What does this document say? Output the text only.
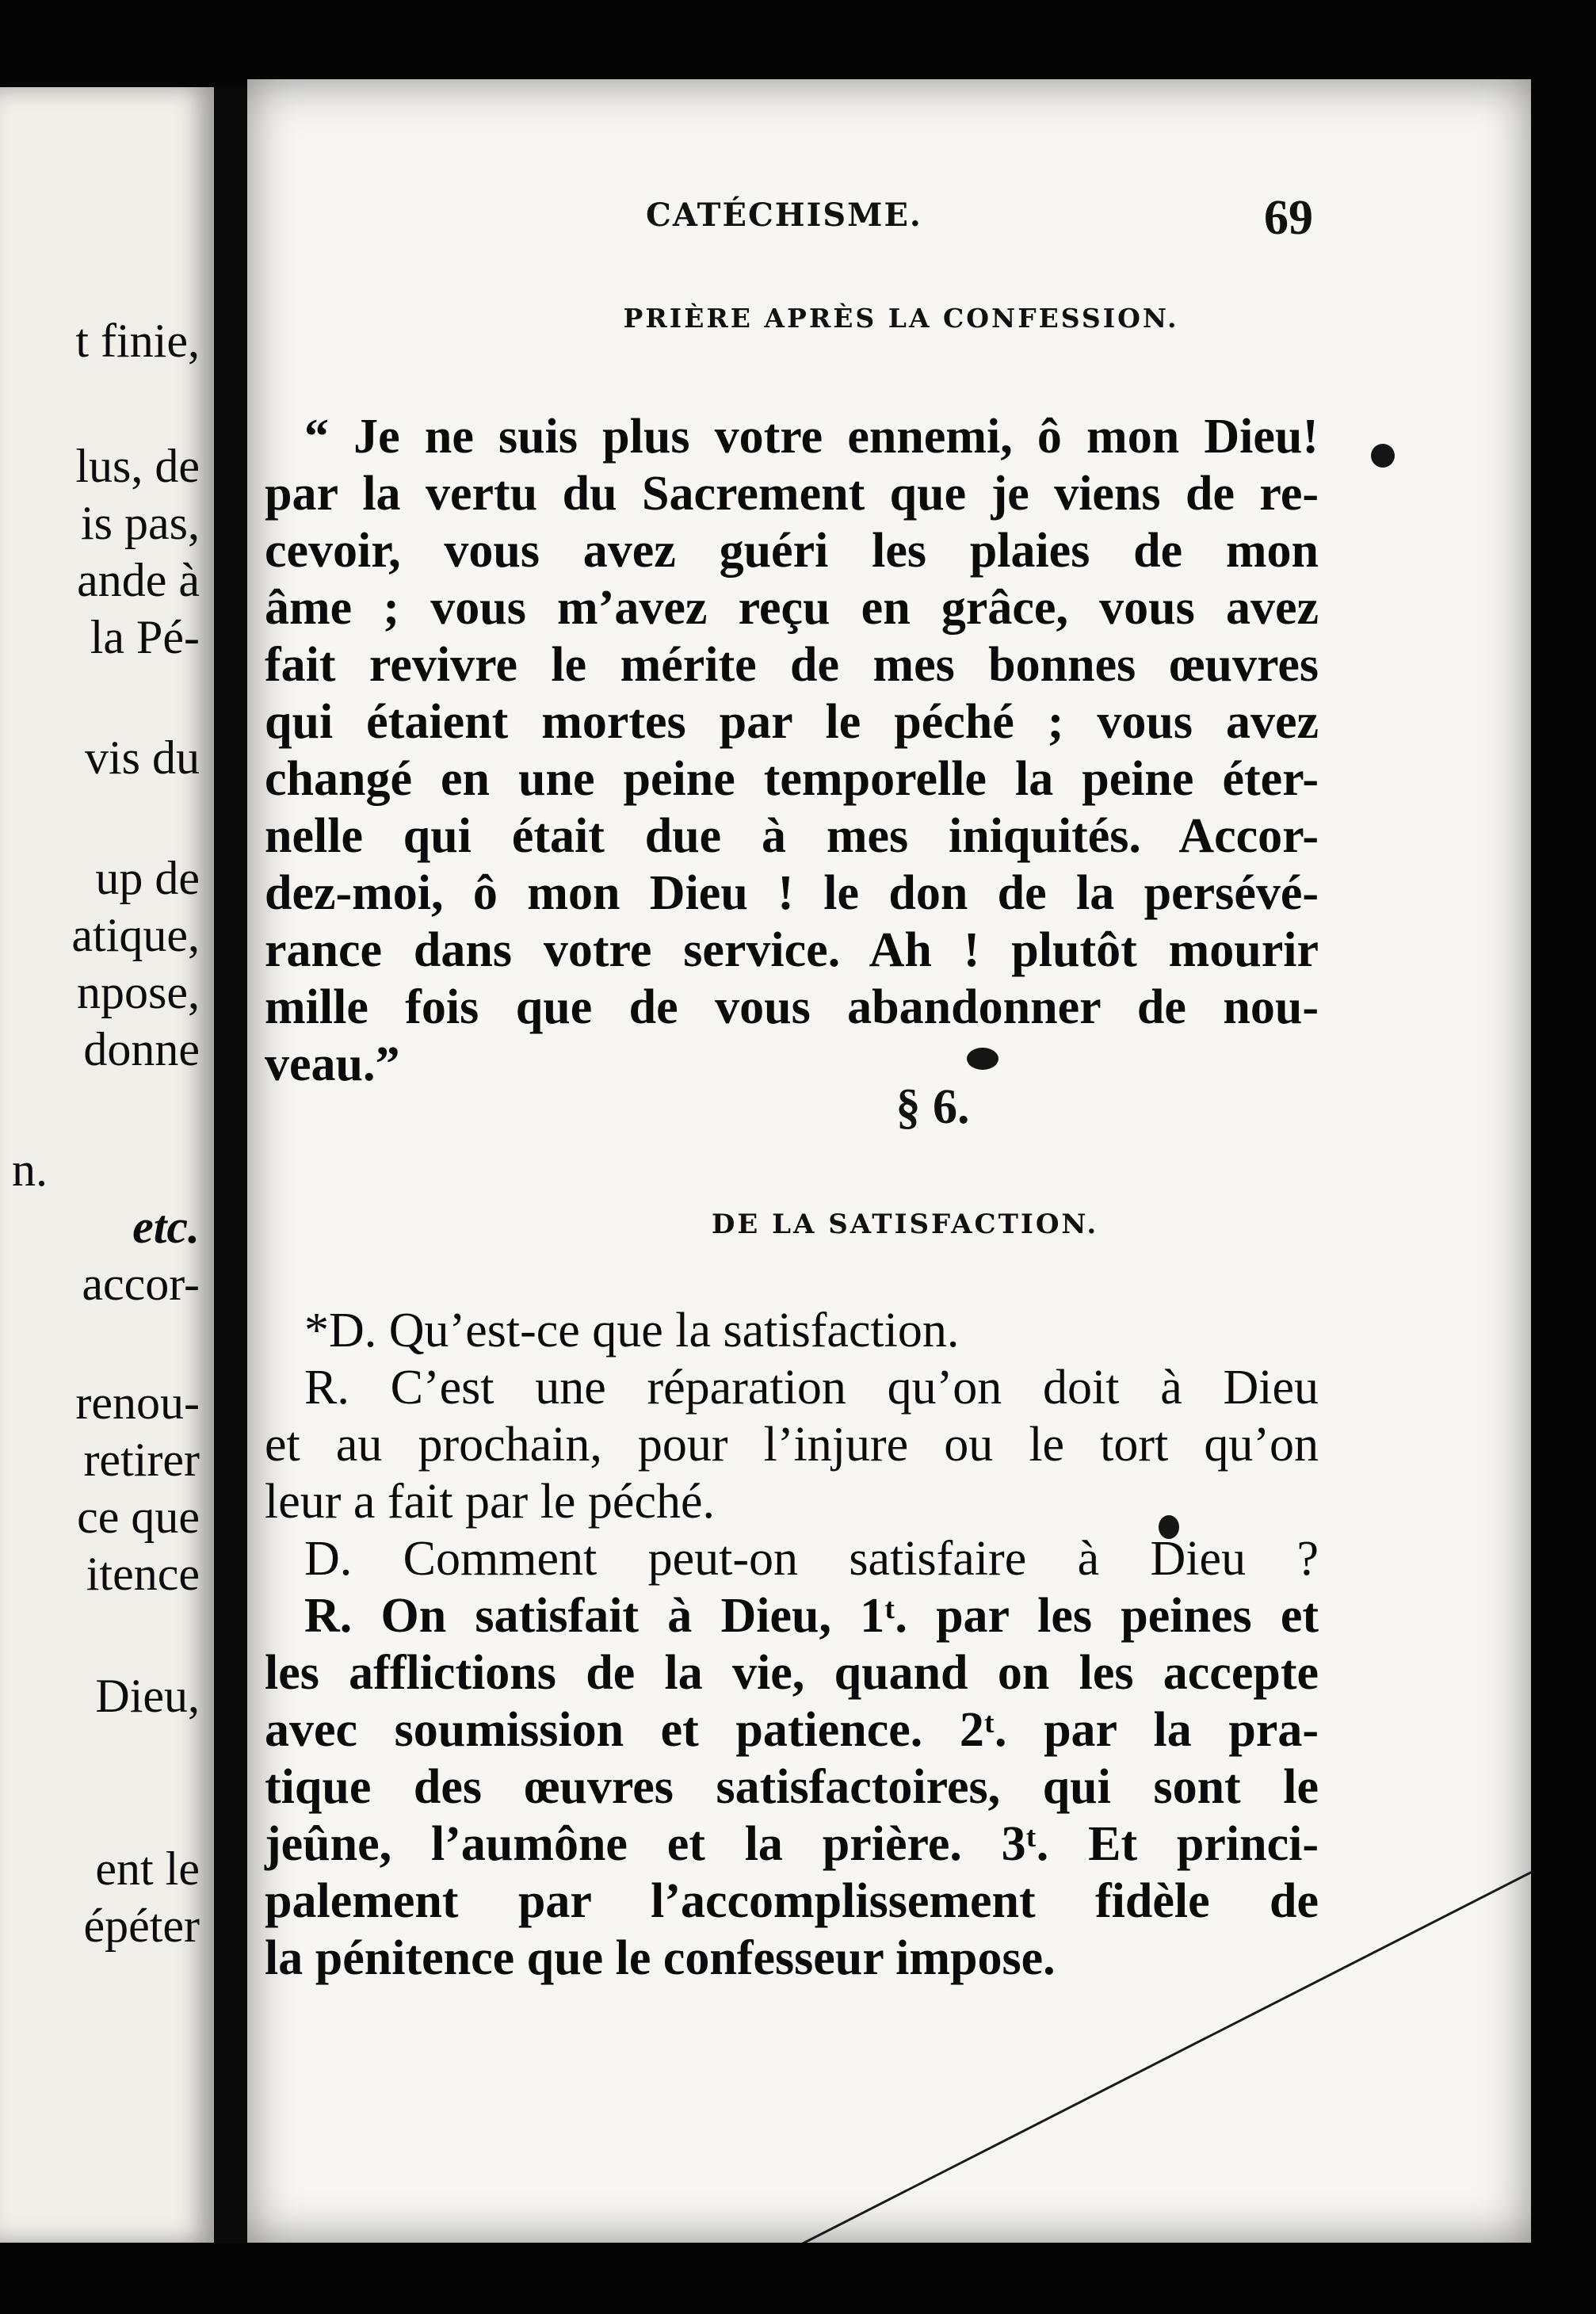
t finie,
lus, de
is pas,
ande à
la Pé-
vis du
up de
atique,
npose,
donne
n.
etc.
accor-
renou-
retirer
ce que
itence
Dieu,
ent le
épéter
CATÉCHISME.	69
PRIÈRE APRÈS LA CONFESSION.
“ Je ne suis plus votre ennemi, ô mon Dieu!
par la vertu du Sacrement que je viens de re-
cevoir, vous avez guéri les plaies de mon
âme ; vous m’avez reçu en grâce, vous avez
fait revivre le mérite de mes bonnes œuvres
qui étaient mortes par le péché ; vous avez
changé en une peine temporelle la peine éter-
nelle qui était due à mes iniquités. Accor-
dez-moi, ô mon Dieu ! le don de la persévé-
rance dans votre service. Ah ! plutôt mourir
mille fois que de vous abandonner de nou-
veau.”
§ 6.
DE LA SATISFACTION.
*D. Qu’est-ce que la satisfaction.
R. C’est une réparation qu’on doit à Dieu
et au prochain, pour l’injure ou le tort qu’on
leur a fait par le péché.
D. Comment peut-on satisfaire à Dieu ?
R. On satisfait à Dieu, 1ᵗ. par les peines et
les afflictions de la vie, quand on les accepte
avec soumission et patience. 2ᵗ. par la pra-
tique des œuvres satisfactoires, qui sont le
jeûne, l’aumône et la prière. 3ᵗ. Et princi-
palement par l’accomplissement fidèle de
la pénitence que le confesseur impose.
